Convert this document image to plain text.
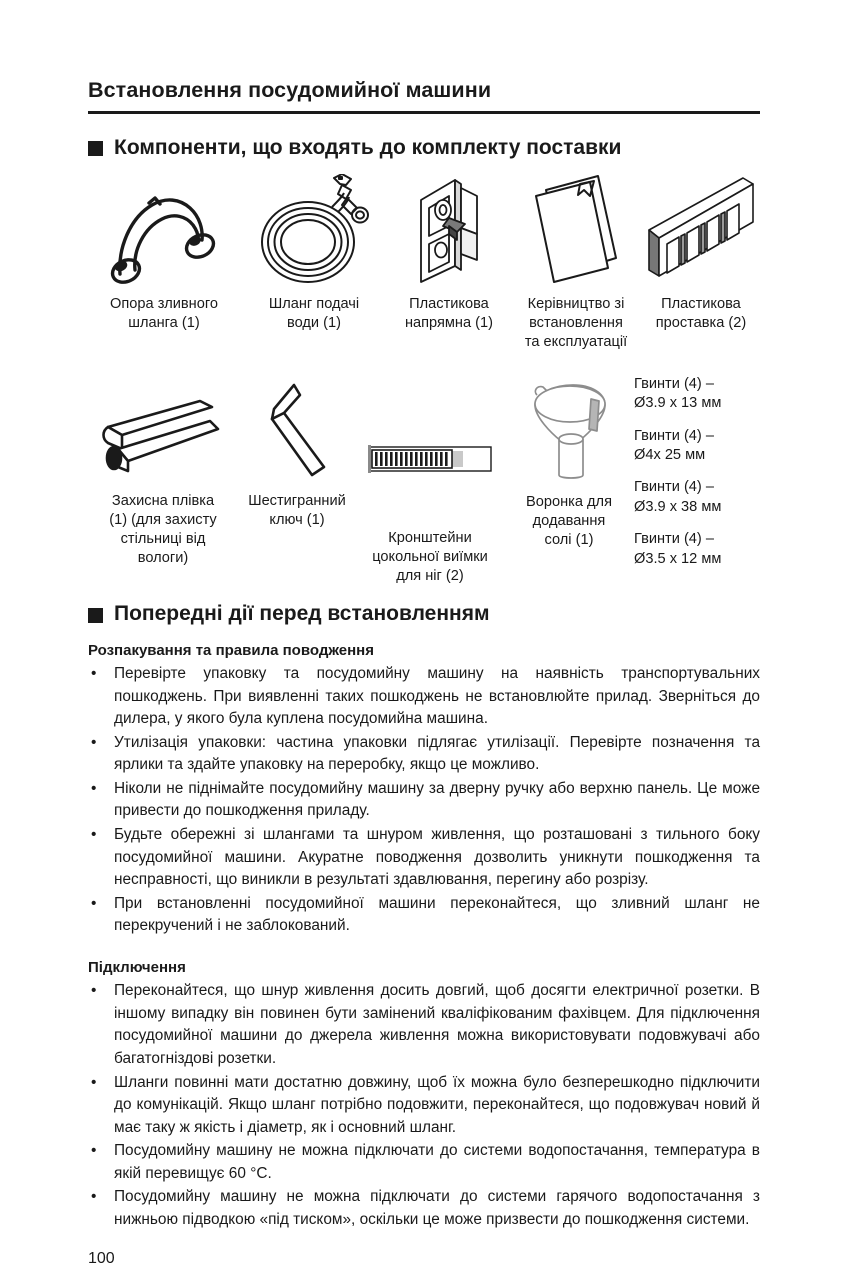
Встановлення посудомийної машини
Компоненти, що входять до комплекту поставки
Опора зливного
шланга (1)
Шланг подачі
води (1)
Пластикова
напрямна (1)
Керівництво зі
встановлення
та експлуатації
Пластикова
проставка (2)
Захисна плівка
(1) (для захисту
стільниці від
вологи)
Шестигранний
ключ (1)
Кронштейни
цокольної виїмки
для ніг (2)
Воронка для
додавання
солі (1)
Гвинти (4) –
Ø3.9 x 13 мм
Гвинти (4) –
Ø4x 25 мм
Гвинти (4) –
Ø3.9 x 38 мм
Гвинти (4) –
Ø3.5 x 12 мм
Попередні дії перед встановленням
Розпакування та правила поводження

• Перевірте упаковку та посудомийну машину на наявність транспортувальних пошкоджень. При виявленні таких пошкоджень не встановлюйте прилад. Зверніться до дилера, у якого була куплена посудомийна машина.

• Утилізація упаковки: частина упаковки підлягає утилізації. Перевірте позначення та ярлики та здайте упаковку на переробку, якщо це можливо.

• Ніколи не піднімайте посудомийну машину за дверну ручку або верхню панель. Це може привести до пошкодження приладу.

• Будьте обережні зі шлангами та шнуром живлення, що розташовані з тильного боку посудомийної машини. Акуратне поводження дозволить уникнути пошкодження та несправності, що виникли в результаті здавлювання, перегину або розрізу.

• При встановленні посудомийної машини переконайтеся, що зливний шланг не перекручений і не заблокований.

Підключення

• Переконайтеся, що шнур живлення досить довгий, щоб досягти електричної розетки. В іншому випадку він повинен бути замінений кваліфікованим фахівцем. Для підключення посудомийної машини до джерела живлення можна використовувати подовжувачі або багатогніздові розетки.

• Шланги повинні мати достатню довжину, щоб їх можна було безперешкодно підключити до комунікацій. Якщо шланг потрібно подовжити, переконайтеся, що подовжувач новий й має таку ж якість і діаметр, як і основний шланг.

• Посудомийну машину не можна підключати до системи водопостачання, температура в якій перевищує 60 °C.

• Посудомийну машину не можна підключати до системи гарячого водопостачання з нижньою підводкою «під тиском», оскільки це може призвести до пошкодження системи.

100
